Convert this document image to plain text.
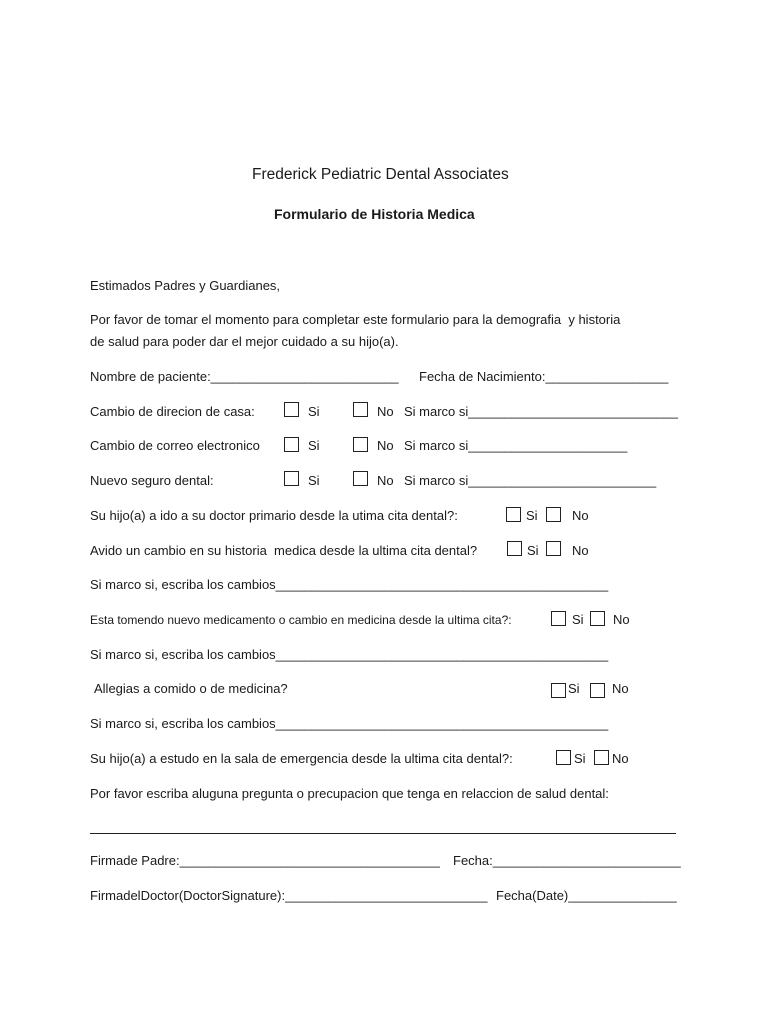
Frederick Pediatric Dental Associates
Formulario de Historia Medica
Estimados Padres y Guardianes,
Por favor de tomar el momento para completar este formulario para la demografia  y historia
de salud para poder dar el mejor cuidado a su hijo(a).
Nombre de paciente:__________________________ Fecha de Nacimiento:_________________
Cambio de direcion de casa:	Si	No Si marco si_____________________________
Cambio de correo electronico	Si	No Si marco si______________________
Nuevo seguro dental:	Si	No Si marco si__________________________
Su hijo(a) a ido a su doctor primario desde la utima cita dental?:	Si	No
Avido un cambio en su historia  medica desde la ultima cita dental?	Si	No
Si marco si, escriba los cambios______________________________________________
Esta tomendo nuevo medicamento o cambio en medicina desde la ultima cita?:	Si No
Si marco si, escriba los cambios______________________________________________
Allegias a comido o de medicina?	Si No
Si marco si, escriba los cambios______________________________________________
Su hijo(a) a estudo en la sala de emergencia desde la ultima cita dental?:	Si No
Por favor escriba aluguna pregunta o precupacion que tenga en relaccion de salud dental:
Firmade Padre:____________________________________ Fecha:__________________________
FirmadelDoctor(DoctorSignature):____________________________ Fecha(Date)_______________
